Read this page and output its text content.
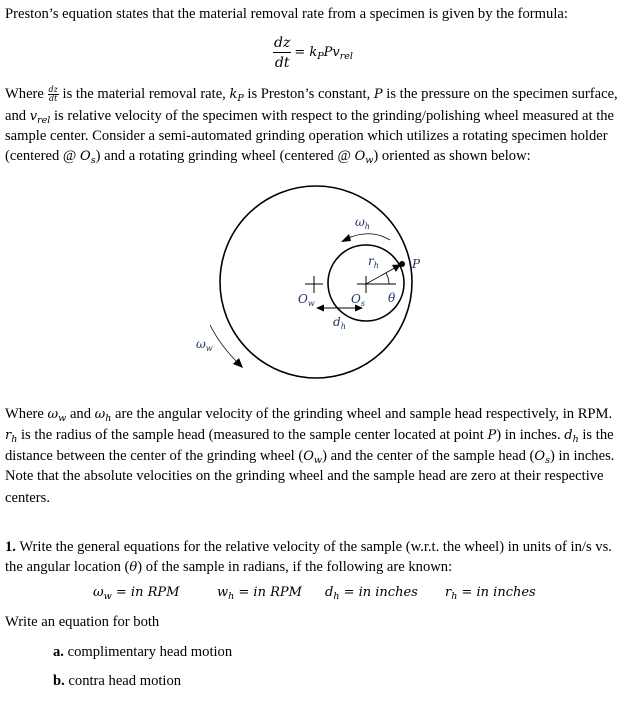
Preston’s equation states that the material removal rate from a specimen is given by the formula:

$\frac{dz}{dt} = k_PPv_{rel}$

Where $\frac{dz}{dt}$ is the material removal rate, $k_P$ is Preston’s constant, P is the pressure on the specimen surface,

and $v_{rel}$ is relative velocity of the specimen with respect to the grinding/polishing wheel measured at the

sample center. Consider a semi-automated grinding operation which utilizes a rotating specimen holder

(centered @ $O_s$) and a rotating grinding wheel (centered @ $O_w$) oriented as shown below:

$\omega_h$
$r_h$	P
$O_w$	$O_s$ θ
$d_h$
$\omega_w$

Where $\omega_w$ and $\omega_h$ are the angular velocity of the grinding wheel and sample head respectively, in RPM.

$r_h$ is the radius of the sample head (measured to the sample center located at point P) in inches. $d_h$ is the

distance between the center of the grinding wheel $(O_w)$ and the center of the sample head $(O_s)$ in inches.

Note that the absolute velocities on the grinding wheel and the sample head are zero at their respective

centers.

1. Write the general equations for the relative velocity of the sample (w.r.t. the wheel) in units of in/s vs.

the angular location (θ) of the sample in radians, if the following are known:

$\omega_w$ = in RPM	$w_h$ = in RPM $d_h$ = in inches $r_h$ = in inches

Write an equation for both

a. complimentary head motion

b. contra head motion
